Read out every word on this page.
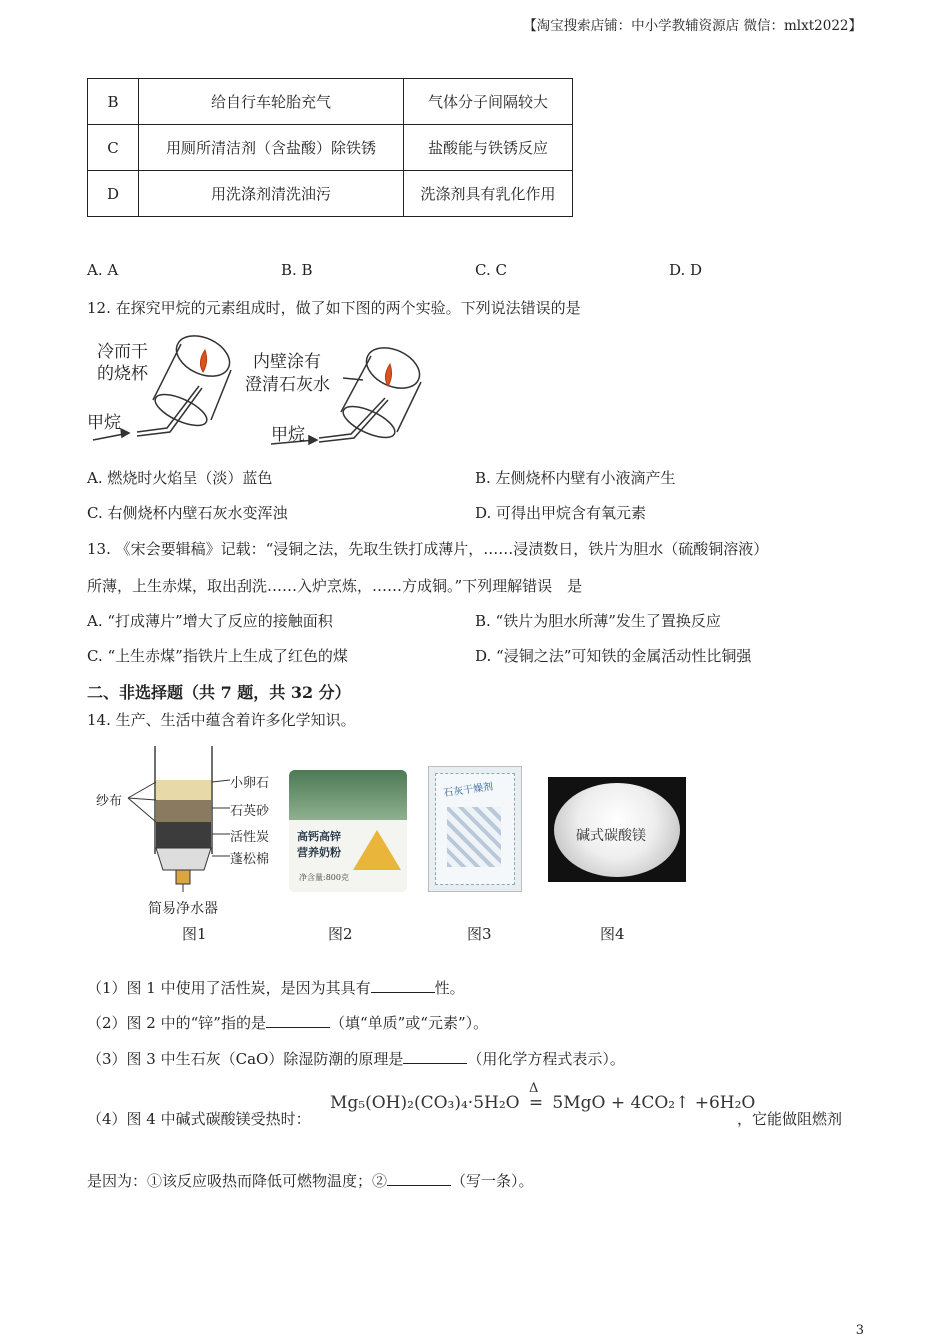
【淘宝搜索店铺：中小学教辅资源店 微信：mlxt2022】
B	给自行车轮胎充气	气体分子间隔较大
C	用厕所清洁剂（含盐酸）除铁锈	盐酸能与铁锈反应
D	用洗涤剂清洗油污	洗涤剂具有乳化作用
A. A	B. B	C. C	D. D
12. 在探究甲烷的元素组成时，做了如下图的两个实验。下列说法错误的是
冷而干
的烧杯
甲烷
内壁涂有
澄清石灰水
甲烷
A. 燃烧时火焰呈（淡）蓝色	B. 左侧烧杯内壁有小液滴产生
C. 右侧烧杯内壁石灰水变浑浊	D. 可得出甲烷含有氧元素
13. 《宋会要辑稿》记载：“浸铜之法，先取生铁打成薄片，……浸渍数日，铁片为胆水（硫酸铜溶液）
所薄，上生赤煤，取出刮洗……入炉烹炼，……方成铜。”下列理解错误　是
A. “打成薄片”增大了反应的接触面积	B. “铁片为胆水所薄”发生了置换反应
C. “上生赤煤”指铁片上生成了红色的煤	D. “浸铜之法”可知铁的金属活动性比铜强
二、非选择题（共 7 题，共 32 分）
14. 生产、生活中蕴含着许多化学知识。
纱布
小卵石
石英砂
活性炭
蓬松棉
简易净水器
高钙高锌
营养奶粉
净含量:800克
石灰干燥剂
碱式碳酸镁
图1	图2	图3	图4
（1）图 1 中使用了活性炭，是因为其具有	性。
（2）图 2 中的“锌”指的是	（填“单质”或“元素”）。
（3）图 3 中生石灰（CaO）除湿防潮的原理是	（用化学方程式表示）。
（4）图 4 中碱式碳酸镁受热时：
Mg₅(OH)₂(CO₃)₄·5H₂O
Δ
= 5MgO + 4CO₂↑ +6H₂O
，它能做阻燃剂
是因为：①该反应吸热而降低可燃物温度；②	（写一条）。
3
